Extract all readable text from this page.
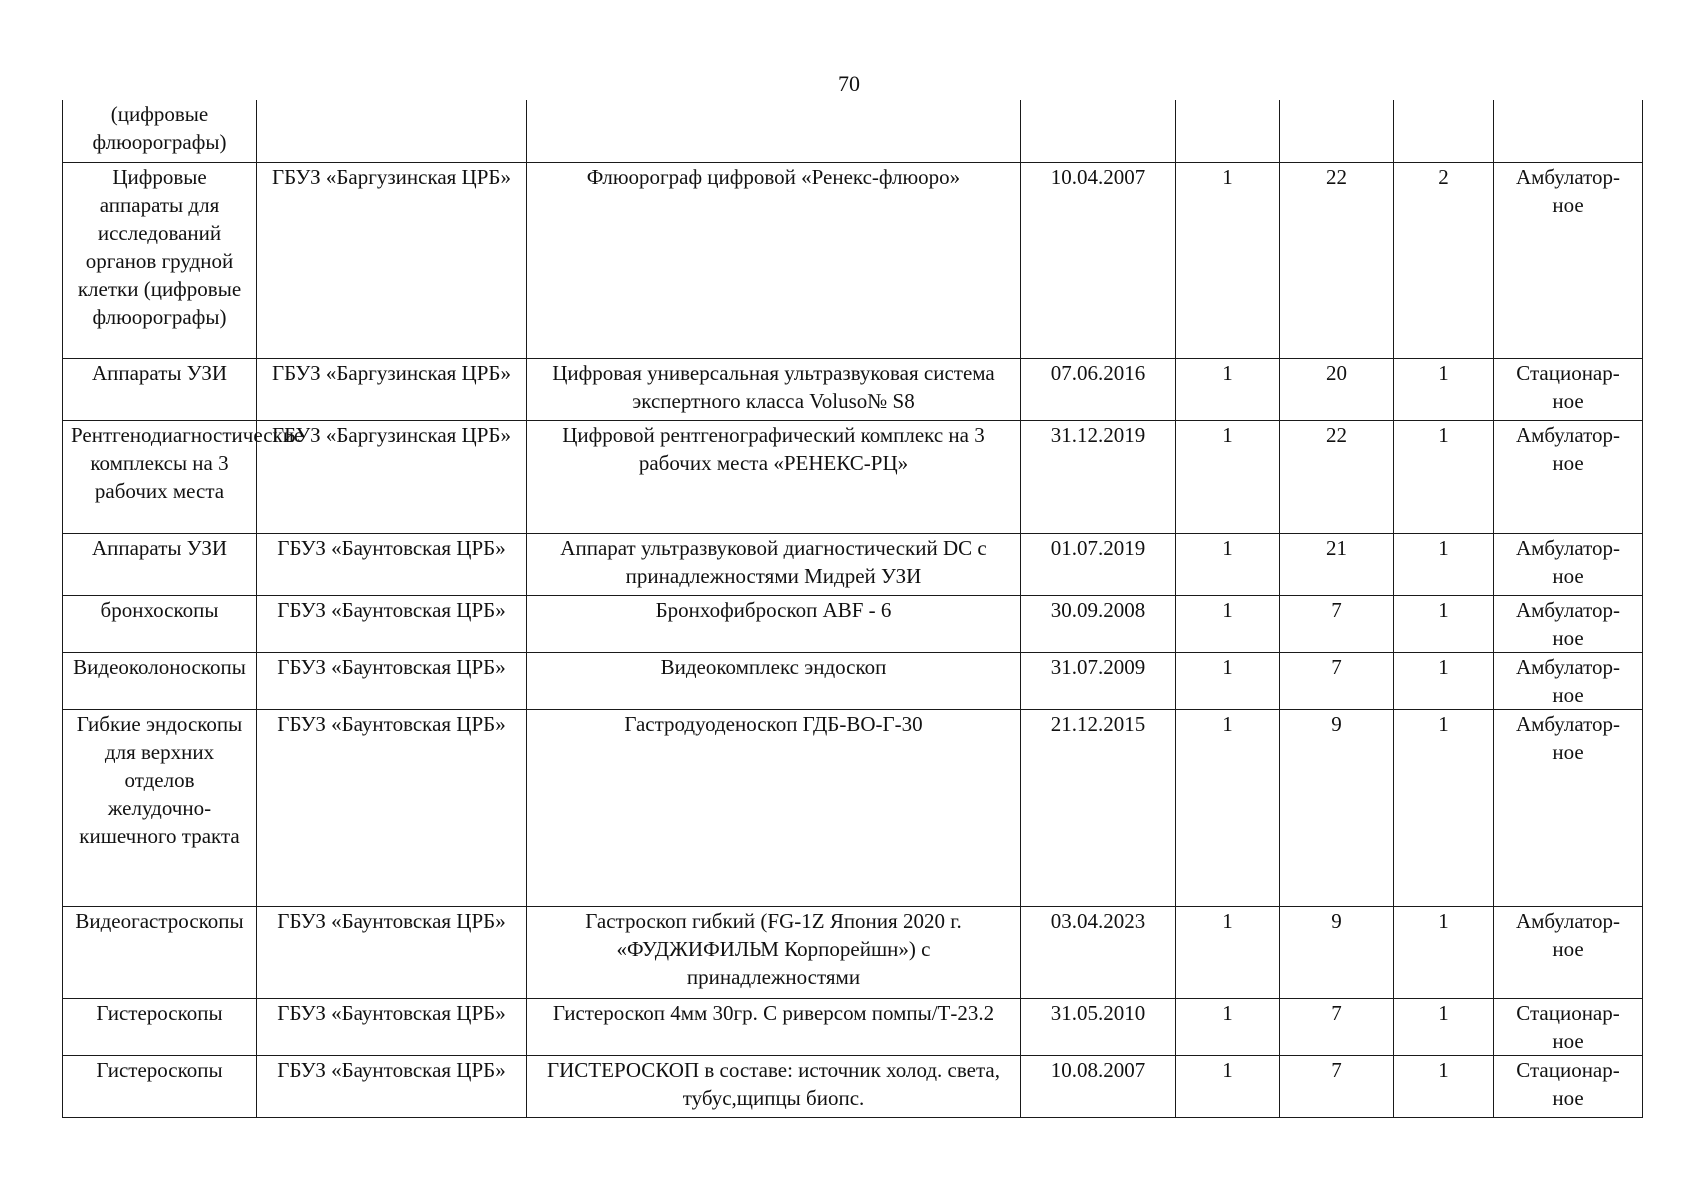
70
(цифровые флюорографы)							
Цифровые аппараты для исследований органов грудной клетки (цифровые флюорографы)	ГБУЗ «Баргузинская ЦРБ»	Флюорограф цифровой «Ренекс-флюоро»	10.04.2007	1	22	2	Амбулатор-ное
Аппараты УЗИ	ГБУЗ «Баргузинская ЦРБ»	Цифровая универсальная ультразвуковая система экспертного класса Voluso№ S8	07.06.2016	1	20	1	Стационар-ное
Рентгенодиагностические комплексы на 3 рабочих места	ГБУЗ «Баргузинская ЦРБ»	Цифровой рентгенографический комплекс на 3 рабочих места «РЕНЕКС-РЦ»	31.12.2019	1	22	1	Амбулатор-ное
Аппараты УЗИ	ГБУЗ «Баунтовская ЦРБ»	Аппарат ультразвуковой диагностический DC с принадлежностями Мидрей УЗИ	01.07.2019	1	21	1	Амбулатор-ное
бронхоскопы	ГБУЗ «Баунтовская ЦРБ»	Бронхофиброскоп ABF - 6	30.09.2008	1	7	1	Амбулатор-ное
Видеоколоноскопы	ГБУЗ «Баунтовская ЦРБ»	Видеокомплекс эндоскоп	31.07.2009	1	7	1	Амбулатор-ное
Гибкие эндоскопы для верхних отделов желудочно-кишечного тракта	ГБУЗ «Баунтовская ЦРБ»	Гастродуоденоскоп ГДБ-ВО-Г-30	21.12.2015	1	9	1	Амбулатор-ное
Видеогастроскопы	ГБУЗ «Баунтовская ЦРБ»	Гастроскоп гибкий (FG-1Z Япония 2020 г. «ФУДЖИФИЛЬМ Корпорейшн») с принадлежностями	03.04.2023	1	9	1	Амбулатор-ное
Гистероскопы	ГБУЗ «Баунтовская ЦРБ»	Гистероскоп 4мм 30гр. С риверсом помпы/Т-23.2	31.05.2010	1	7	1	Стационар-ное
Гистероскопы	ГБУЗ «Баунтовская ЦРБ»	ГИСТЕРОСКОП в составе: источник холод. света, тубус,щипцы биопс.	10.08.2007	1	7	1	Стационар-ное
